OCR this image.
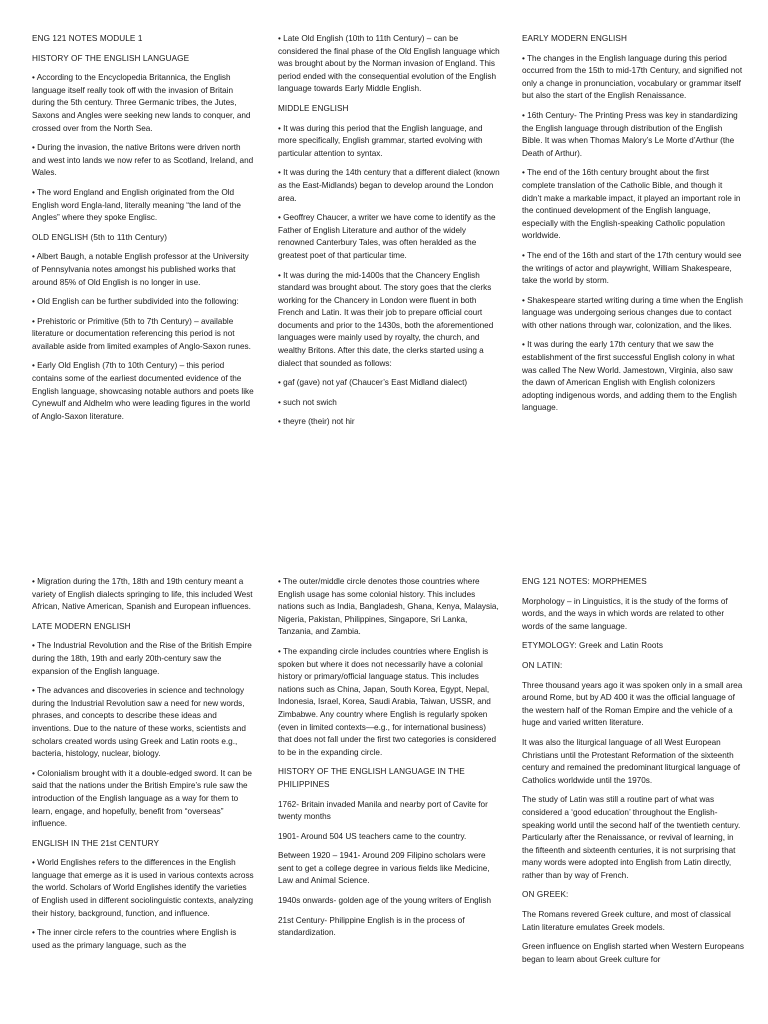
ENG 121 NOTES MODULE 1
HISTORY OF THE ENGLISH LANGUAGE

• According to the Encyclopedia Britannica, the English language itself really took off with the invasion of Britain during the 5th century. Three Germanic tribes, the Jutes, Saxons and Angles were seeking new lands to conquer, and crossed over from the North Sea.

• During the invasion, the native Britons were driven north and west into lands we now refer to as Scotland, Ireland, and Wales.

• The word England and English originated from the Old English word Engla-land, literally meaning “the land of the Angles” where they spoke Englisc.

OLD ENGLISH (5th to 11th Century)

• Albert Baugh, a notable English professor at the University of Pennsylvania notes amongst his published works that around 85% of Old English is no longer in use.

• Old English can be further subdivided into the following:

• Prehistoric or Primitive (5th to 7th Century) – available literature or documentation referencing this period is not available aside from limited examples of Anglo-Saxon runes.

• Early Old English (7th to 10th Century) – this period contains some of the earliest documented evidence of the English language, showcasing notable authors and poets like Cynewulf and Aldhelm who were leading figures in the world of Anglo-Saxon literature.

• Late Old English (10th to 11th Century) – can be considered the final phase of the Old English language which was brought about by the Norman invasion of England. This period ended with the consequential evolution of the English language towards Early Middle English.

MIDDLE ENGLISH

• It was during this period that the English language, and more specifically, English grammar, started evolving with particular attention to syntax.

• It was during the 14th century that a different dialect (known as the East-Midlands) began to develop around the London area.

• Geoffrey Chaucer, a writer we have come to identify as the Father of English Literature and author of the widely renowned Canterbury Tales, was often heralded as the greatest poet of that particular time.

• It was during the mid-1400s that the Chancery English standard was brought about. The story goes that the clerks working for the Chancery in London were fluent in both French and Latin. It was their job to prepare official court documents and prior to the 1430s, both the aforementioned languages were mainly used by royalty, the church, and wealthy Britons. After this date, the clerks started using a dialect that sounded as follows:

• gaf (gave) not yaf (Chaucer’s East Midland dialect)

• such not swich

• theyre (their) not hir

EARLY MODERN ENGLISH

• The changes in the English language during this period occurred from the 15th to mid-17th Century, and signified not only a change in pronunciation, vocabulary or grammar itself but also the start of the English Renaissance.

• 16th Century- The Printing Press was key in standardizing the English language through distribution of the English Bible. It was when Thomas Malory’s Le Morte d’Arthur (the Death of Arthur).

• The end of the 16th century brought about the first complete translation of the Catholic Bible, and though it didn’t make a markable impact, it played an important role in the continued development of the English language, especially with the English-speaking Catholic population worldwide.

• The end of the 16th and start of the 17th century would see the writings of actor and playwright, William Shakespeare, take the world by storm.

• Shakespeare started writing during a time when the English language was undergoing serious changes due to contact with other nations through war, colonization, and the likes.

• It was during the early 17th century that we saw the establishment of the first successful English colony in what was called The New World. Jamestown, Virginia, also saw the dawn of American English with English colonizers adopting indigenous words, and adding them to the English language.

• Migration during the 17th, 18th and 19th century meant a variety of English dialects springing to life, this included West African, Native American, Spanish and European influences.

LATE MODERN ENGLISH

• The Industrial Revolution and the Rise of the British Empire during the 18th, 19th and early 20th-century saw the expansion of the English language.

• The advances and discoveries in science and technology during the Industrial Revolution saw a need for new words, phrases, and concepts to describe these ideas and inventions. Due to the nature of these works, scientists and scholars created words using Greek and Latin roots e.g., bacteria, histology, nuclear, biology.

• Colonialism brought with it a double-edged sword. It can be said that the nations under the British Empire’s rule saw the introduction of the English language as a way for them to learn, engage, and hopefully, benefit from “overseas” influence.

ENGLISH IN THE 21st CENTURY

• World Englishes refers to the differences in the English language that emerge as it is used in various contexts across the world. Scholars of World Englishes identify the varieties of English used in different sociolinguistic contexts, analyzing their history, background, function, and influence.

• The inner circle refers to the countries where English is used as the primary language, such as the

• The outer/middle circle denotes those countries where English usage has some colonial history. This includes nations such as India, Bangladesh, Ghana, Kenya, Malaysia, Nigeria, Pakistan, Philippines, Singapore, Sri Lanka, Tanzania, and Zambia.

• The expanding circle includes countries where English is spoken but where it does not necessarily have a colonial history or primary/official language status. This includes nations such as China, Japan, South Korea, Egypt, Nepal, Indonesia, Israel, Korea, Saudi Arabia, Taiwan, USSR, and Zimbabwe. Any country where English is regularly spoken (even in limited contexts—e.g., for international business) that does not fall under the first two categories is considered to be in the expanding circle.

HISTORY OF THE ENGLISH LANGUAGE IN THE PHILIPPINES

1762- Britain invaded Manila and nearby port of Cavite for twenty months

1901- Around 504 US teachers came to the country.

Between 1920 – 1941- Around 209 Filipino scholars were sent to get a college degree in various fields like Medicine, Law and Animal Science.

1940s onwards- golden age of the young writers of English

21st Century- Philippine English is in the process of standardization.

ENG 121 NOTES: MORPHEMES

Morphology – in Linguistics, it is the study of the forms of words, and the ways in which words are related to other words of the same language.

ETYMOLOGY: Greek and Latin Roots
ON LATIN:

Three thousand years ago it was spoken only in a small area around Rome, but by AD 400 it was the official language of the western half of the Roman Empire and the vehicle of a huge and varied written literature.

It was also the liturgical language of all West European Christians until the Protestant Reformation of the sixteenth century and remained the predominant liturgical language of Catholics worldwide until the 1970s.

The study of Latin was still a routine part of what was considered a ‘good education’ throughout the English-speaking world until the second half of the twentieth century. Particularly after the Renaissance, or revival of learning, in the fifteenth and sixteenth centuries, it is not surprising that many words were adopted into English from Latin directly, rather than by way of French.

ON GREEK:

The Romans revered Greek culture, and most of classical Latin literature emulates Greek models.

Green influence on English started when Western Europeans began to learn about Greek culture for
